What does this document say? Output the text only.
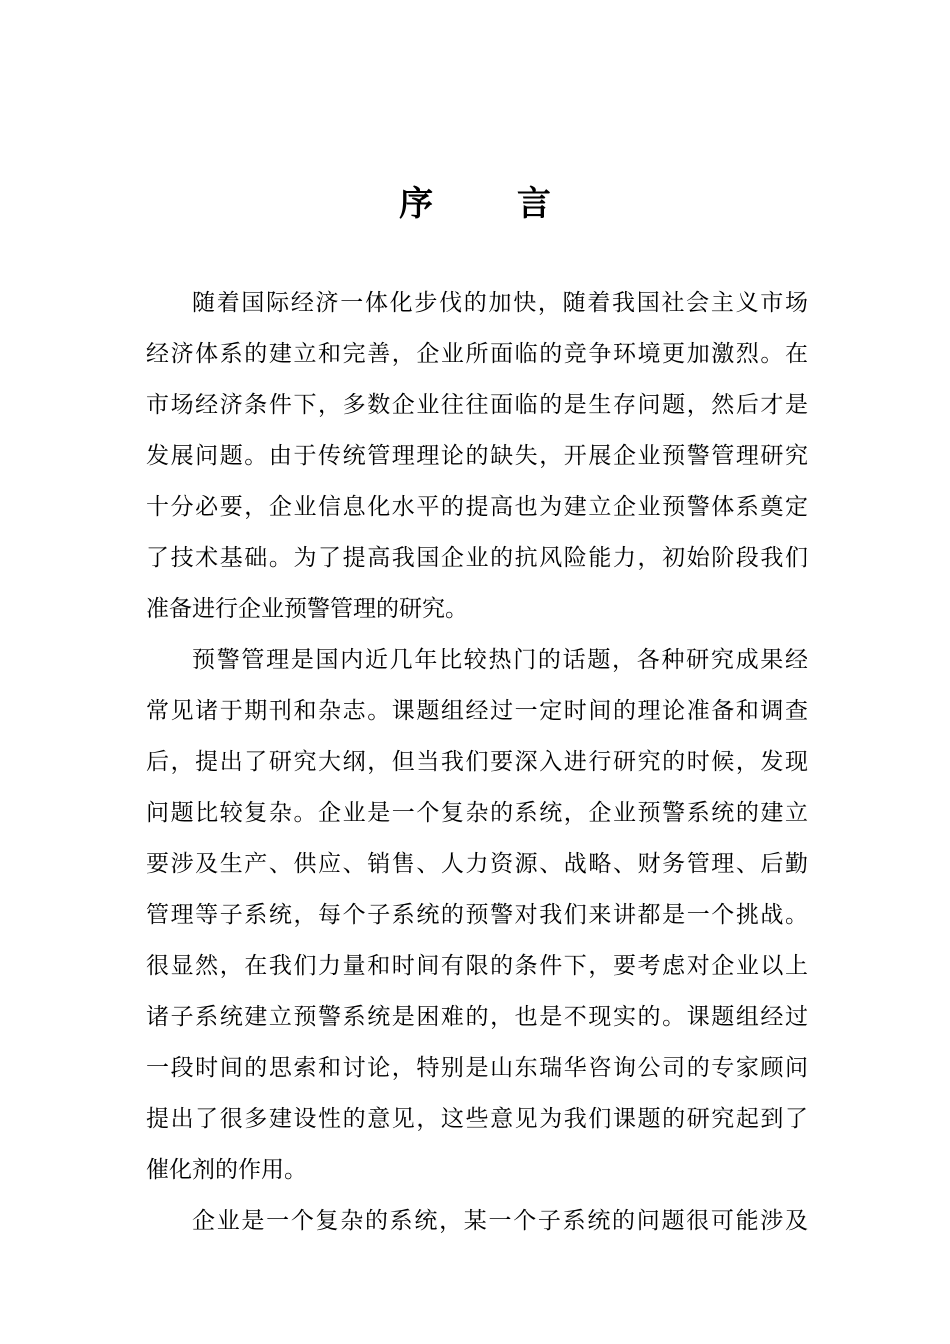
序 言
随着国际经济一体化步伐的加快，随着我国社会主义市场
经济体系的建立和完善，企业所面临的竞争环境更加激烈。在
市场经济条件下，多数企业往往面临的是生存问题，然后才是
发展问题。由于传统管理理论的缺失，开展企业预警管理研究
十分必要，企业信息化水平的提高也为建立企业预警体系奠定
了技术基础。为了提高我国企业的抗风险能力，初始阶段我们
准备进行企业预警管理的研究。
预警管理是国内近几年比较热门的话题，各种研究成果经
常见诸于期刊和杂志。课题组经过一定时间的理论准备和调查
后，提出了研究大纲，但当我们要深入进行研究的时候，发现
问题比较复杂。企业是一个复杂的系统，企业预警系统的建立
要涉及生产、供应、销售、人力资源、战略、财务管理、后勤
管理等子系统，每个子系统的预警对我们来讲都是一个挑战。
很显然，在我们力量和时间有限的条件下，要考虑对企业以上
诸子系统建立预警系统是困难的，也是不现实的。课题组经过
一段时间的思索和讨论，特别是山东瑞华咨询公司的专家顾问
提出了很多建设性的意见，这些意见为我们课题的研究起到了
催化剂的作用。
企业是一个复杂的系统，某一个子系统的问题很可能涉及
